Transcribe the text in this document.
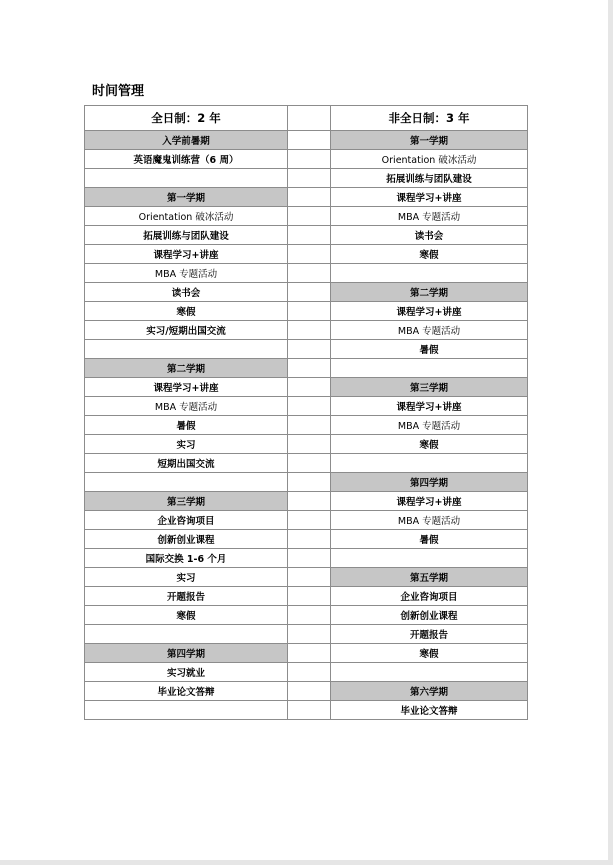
时间管理
全日制：2 年		非全日制：3 年
入学前暑期		第一学期
英语魔鬼训练营（6 周）		Orientation 破冰活动
		拓展训练与团队建设
第一学期		课程学习+讲座
Orientation 破冰活动		MBA 专题活动
拓展训练与团队建设		读书会
课程学习+讲座		寒假
MBA 专题活动		
读书会		第二学期
寒假		课程学习+讲座
实习/短期出国交流		MBA 专题活动
		暑假
第二学期		
课程学习+讲座		第三学期
MBA 专题活动		课程学习+讲座
暑假		MBA 专题活动
实习		寒假
短期出国交流		
		第四学期
第三学期		课程学习+讲座
企业咨询项目		MBA 专题活动
创新创业课程		暑假
国际交换 1-6 个月		
实习		第五学期
开题报告		企业咨询项目
寒假		创新创业课程
		开题报告
第四学期		寒假
实习就业		
毕业论文答辩		第六学期
		毕业论文答辩
